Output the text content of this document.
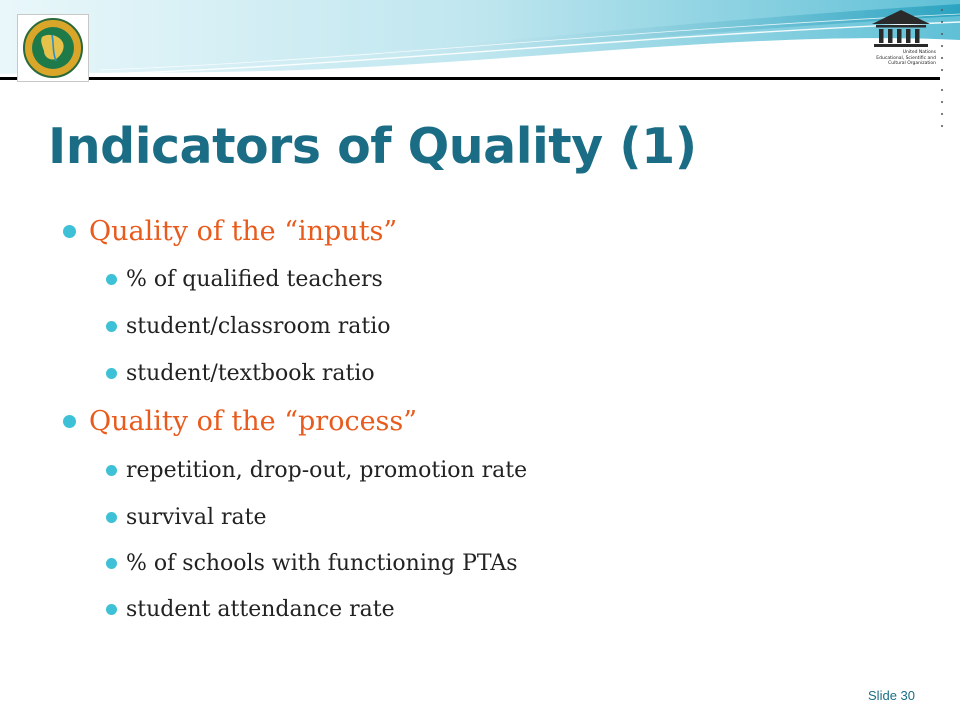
United Nations
Educational, Scientific and
Cultural Organization
Indicators of Quality (1)
Quality of the “inputs”
% of qualified teachers
student/classroom ratio
student/textbook ratio
Quality of the “process”
repetition, drop-out, promotion rate
survival rate
% of schools with functioning PTAs
student attendance rate
Slide 30
